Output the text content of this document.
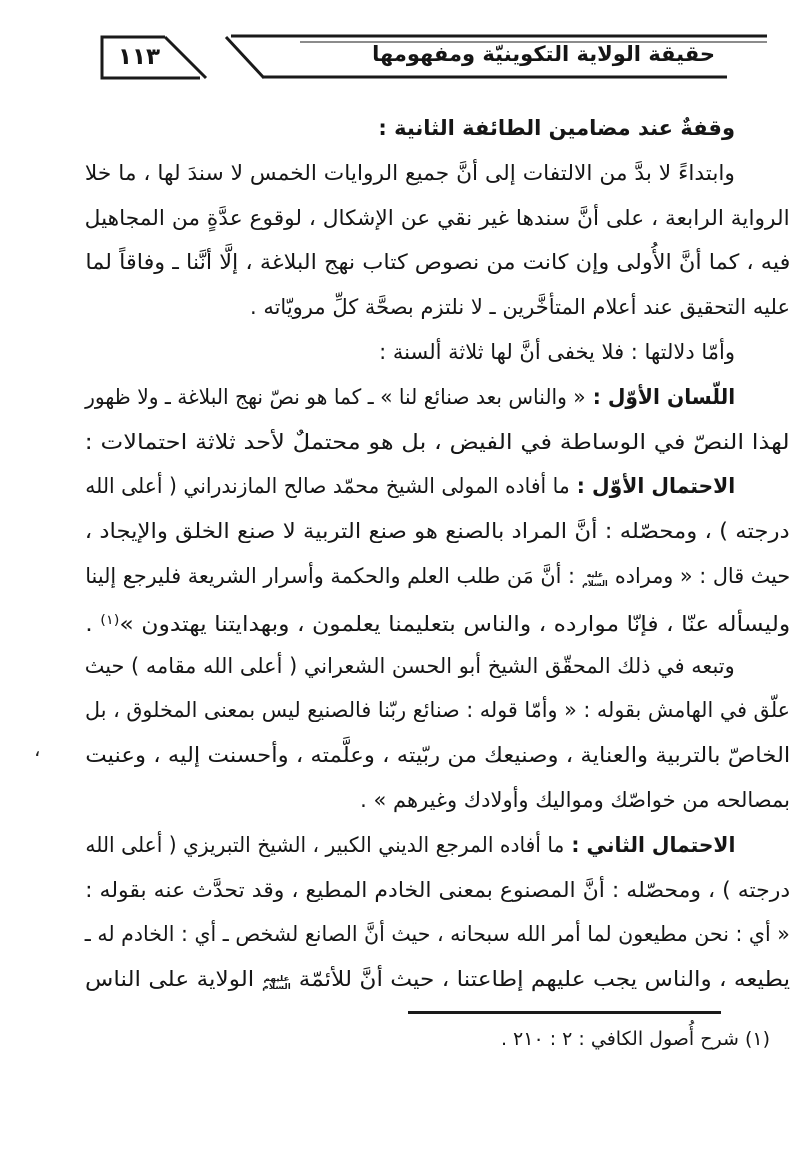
١١٣	حقيقة الولاية التكوينيّة ومفهومها
وقفةٌ عند مضامين الطائفة الثانية :
وابتداءً لا بدَّ من الالتفات إلى أنَّ جميع الروايات الخمس لا سندَ لها ، ما خلا
الرواية الرابعة ، على أنَّ سندها غير نقي عن الإشكال ، لوقوع عدَّةٍ من المجاهيل
فيه ، كما أنَّ الأُولى وإن كانت من نصوص كتاب نهج البلاغة ، إلَّا أنَّنا ـ وفاقاً لما
عليه التحقيق عند أعلام المتأخَّرين ـ لا نلتزم بصحَّة كلِّ مرويّاته .
وأمّا دلالتها : فلا يخفى أنَّ لها ثلاثة ألسنة :
اللّسان الأوّل : « والناس بعد صنائع لنا » ـ كما هو نصّ نهج البلاغة ـ ولا ظهور
لهذا النصّ في الوساطة في الفيض ، بل هو محتملٌ لأحد ثلاثة احتمالات :
الاحتمال الأوّل : ما أفاده المولى الشيخ محمّد صالح المازندراني ( أعلى الله
درجته ) ، ومحصّله : أنَّ المراد بالصنع هو صنع التربية لا صنع الخلق والإيجاد ،
حيث قال : « ومراده عليه السلام : أنَّ مَن طلب العلم والحكمة وأسرار الشريعة فليرجع إلينا
وليسأله عنّا ، فإنّا موارده ، والناس بتعليمنا يعلمون ، وبهدايتنا يهتدون »$^{(١)}$ .
وتبعه في ذلك المحقّق الشيخ أبو الحسن الشعراني ( أعلى الله مقامه ) حيث
علّق في الهامش بقوله : « وأمّا قوله : صنائع ربّنا فالصنيع ليس بمعنى المخلوق ، بل
الخاصّ بالتربية والعناية ، وصنيعك من ربّيته ، وعلَّمته ، وأحسنت إليه ، وعنيت
بمصالحه من خواصّك ومواليك وأولادك وغيرهم » .
الاحتمال الثاني : ما أفاده المرجع الديني الكبير ، الشيخ التبريزي ( أعلى الله
درجته ) ، ومحصّله : أنَّ المصنوع بمعنى الخادم المطيع ، وقد تحدَّث عنه بقوله :
« أي : نحن مطيعون لما أمر الله سبحانه ، حيث أنَّ الصانع لشخص ـ أي : الخادم له ـ
يطيعه ، والناس يجب عليهم إطاعتنا ، حيث أنَّ للأئمّة عليهم السلام الولاية على الناس
،
(١) شرح أُصول الكافي : ٢ : ٢١٠ .
